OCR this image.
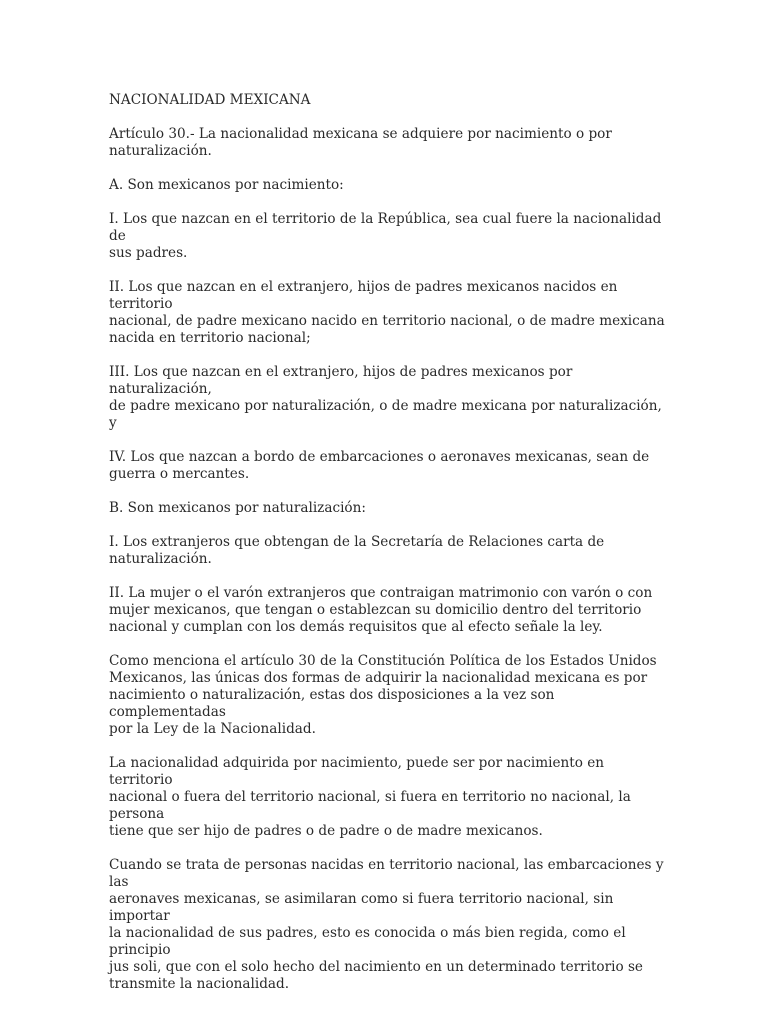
NACIONALIDAD MEXICANA

Artículo 30.- La nacionalidad mexicana se adquiere por nacimiento o por
naturalización.

A. Son mexicanos por nacimiento:

I. Los que nazcan en el territorio de la República, sea cual fuere la nacionalidad de
sus padres.

II. Los que nazcan en el extranjero, hijos de padres mexicanos nacidos en territorio
nacional, de padre mexicano nacido en territorio nacional, o de madre mexicana
nacida en territorio nacional;

III. Los que nazcan en el extranjero, hijos de padres mexicanos por naturalización,
de padre mexicano por naturalización, o de madre mexicana por naturalización, y

IV. Los que nazcan a bordo de embarcaciones o aeronaves mexicanas, sean de
guerra o mercantes.

B. Son mexicanos por naturalización:

I. Los extranjeros que obtengan de la Secretaría de Relaciones carta de
naturalización.

II. La mujer o el varón extranjeros que contraigan matrimonio con varón o con
mujer mexicanos, que tengan o establezcan su domicilio dentro del territorio
nacional y cumplan con los demás requisitos que al efecto señale la ley.

Como menciona el artículo 30 de la Constitución Política de los Estados Unidos
Mexicanos, las únicas dos formas de adquirir la nacionalidad mexicana es por
nacimiento o naturalización, estas dos disposiciones a la vez son complementadas
por la Ley de la Nacionalidad.

La nacionalidad adquirida por nacimiento, puede ser por nacimiento en territorio
nacional o fuera del territorio nacional, si fuera en territorio no nacional, la persona
tiene que ser hijo de padres o de padre o de madre mexicanos.

Cuando se trata de personas nacidas en territorio nacional, las embarcaciones y las
aeronaves mexicanas, se asimilaran como si fuera territorio nacional, sin importar
la nacionalidad de sus padres, esto es conocida o más bien regida, como el principio
jus soli, que con el solo hecho del nacimiento en un determinado territorio se
transmite la nacionalidad.
